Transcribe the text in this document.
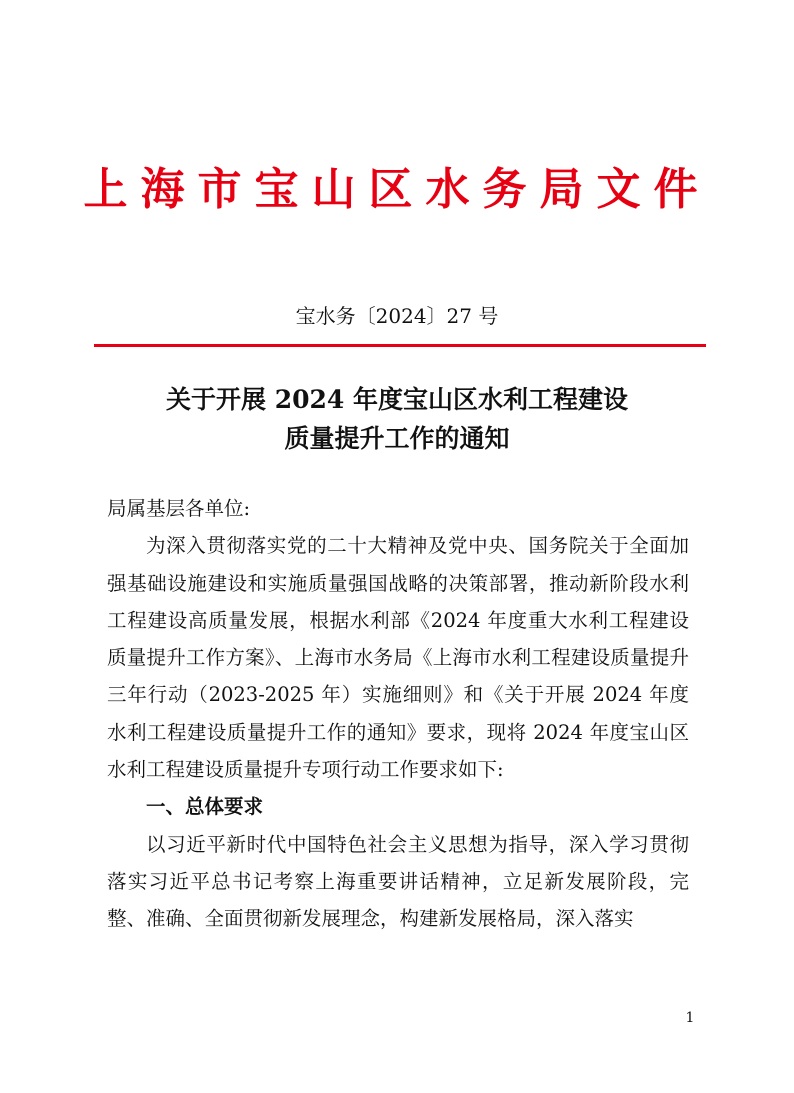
上海市宝山区水务局文件
宝水务〔2024〕27 号
关于开展 2024 年度宝山区水利工程建设
质量提升工作的通知

局属基层各单位:

为深入贯彻落实党的二十大精神及党中央、国务院关于全面加强基础设施建设和实施质量强国战略的决策部署，推动新阶段水利工程建设高质量发展，根据水利部《2024 年度重大水利工程建设质量提升工作方案》、上海市水务局《上海市水利工程建设质量提升三年行动（2023-2025 年）实施细则》和《关于开展 2024 年度水利工程建设质量提升工作的通知》要求，现将 2024 年度宝山区水利工程建设质量提升专项行动工作要求如下:

一、总体要求

以习近平新时代中国特色社会主义思想为指导，深入学习贯彻落实习近平总书记考察上海重要讲话精神，立足新发展阶段，完整、准确、全面贯彻新发展理念，构建新发展格局，深入落实

1
